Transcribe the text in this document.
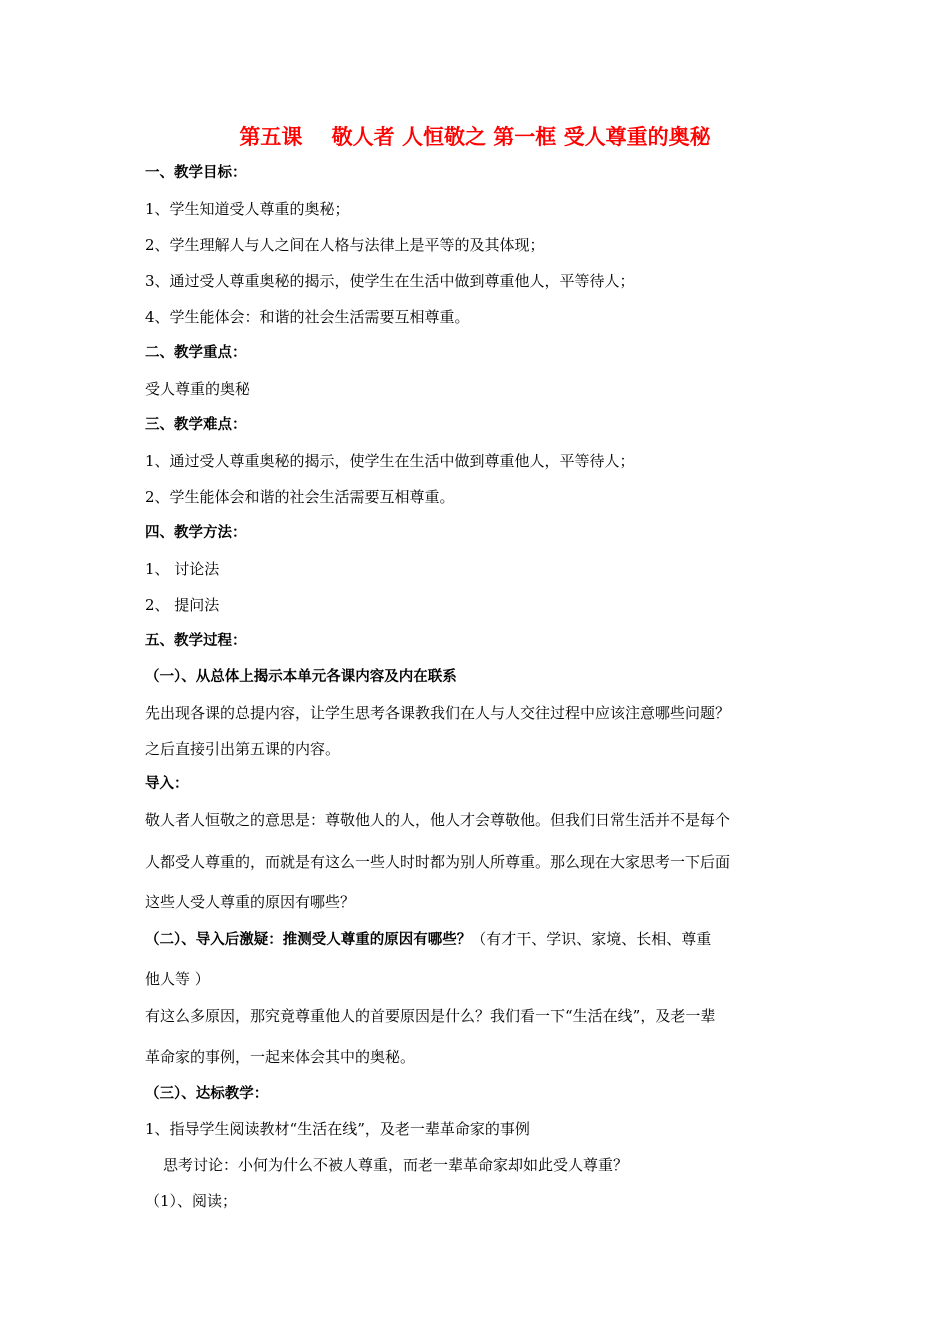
第五课    敬人者 人恒敬之 第一框 受人尊重的奥秘
一、教学目标：
1、学生知道受人尊重的奥秘；
2、学生理解人与人之间在人格与法律上是平等的及其体现；
3、通过受人尊重奥秘的揭示，使学生在生活中做到尊重他人，平等待人；
4、学生能体会：和谐的社会生活需要互相尊重。
二、教学重点：
受人尊重的奥秘
三、教学难点：
1、通过受人尊重奥秘的揭示，使学生在生活中做到尊重他人，平等待人；
2、学生能体会和谐的社会生活需要互相尊重。
四、教学方法：
1、 讨论法
2、 提问法
五、教学过程：
（一）、从总体上揭示本单元各课内容及内在联系
先出现各课的总提内容，让学生思考各课教我们在人与人交往过程中应该注意哪些问题？
之后直接引出第五课的内容。
导入：
敬人者人恒敬之的意思是：尊敬他人的人，他人才会尊敬他。但我们日常生活并不是每个
人都受人尊重的，而就是有这么一些人时时都为别人所尊重。那么现在大家思考一下后面
这些人受人尊重的原因有哪些？
（二）、导入后激疑：推测受人尊重的原因有哪些？（有才干、学识、家境、长相、尊重
他人等 ）
有这么多原因，那究竟尊重他人的首要原因是什么？我们看一下“生活在线”，及老一辈
革命家的事例，一起来体会其中的奥秘。
（三）、达标教学：
1、指导学生阅读教材“生活在线”，及老一辈革命家的事例
思考讨论：小何为什么不被人尊重，而老一辈革命家却如此受人尊重？
（1）、阅读；
